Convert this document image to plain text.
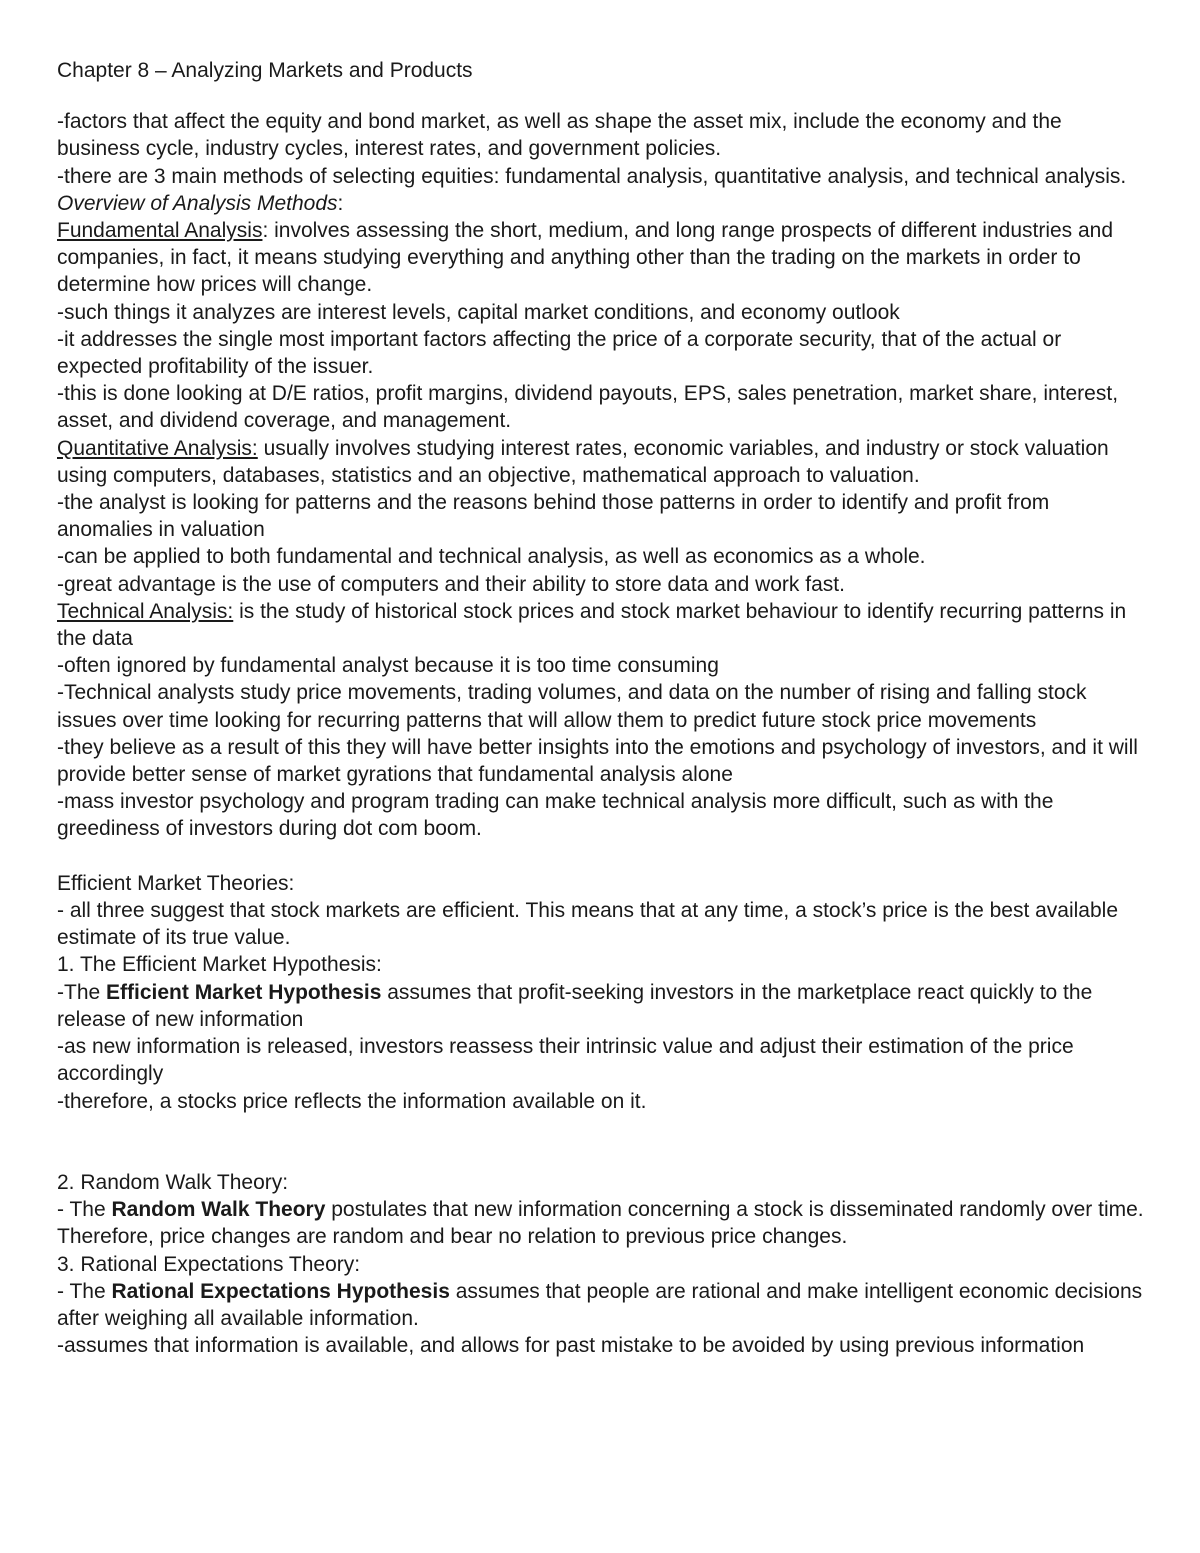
Chapter 8 – Analyzing Markets and Products

-factors that affect the equity and bond market, as well as shape the asset mix, include the economy and the business cycle, industry cycles, interest rates, and government policies.

-there are 3 main methods of selecting equities: fundamental analysis, quantitative analysis, and technical analysis.

Overview of Analysis Methods:

Fundamental Analysis: involves assessing the short, medium, and long range prospects of different industries and companies, in fact, it means studying everything and anything other than the trading on the markets in order to determine how prices will change.

-such things it analyzes are interest levels, capital market conditions, and economy outlook

-it addresses the single most important factors affecting the price of a corporate security, that of the actual or expected profitability of the issuer.

-this is done looking at D/E ratios, profit margins, dividend payouts, EPS, sales penetration, market share, interest, asset, and dividend coverage, and management.

Quantitative Analysis: usually involves studying interest rates, economic variables, and industry or stock valuation using computers, databases, statistics and an objective, mathematical approach to valuation.

-the analyst is looking for patterns and the reasons behind those patterns in order to identify and profit from anomalies in valuation

-can be applied to both fundamental and technical analysis, as well as economics as a whole.

-great advantage is the use of computers and their ability to store data and work fast.

Technical Analysis: is the study of historical stock prices and stock market behaviour to identify recurring patterns in the data

-often ignored by fundamental analyst because it is too time consuming

-Technical analysts study price movements, trading volumes, and data on the number of rising and falling stock issues over time looking for recurring patterns that will allow them to predict future stock price movements

-they believe as a result of this they will have better insights into the emotions and psychology of investors, and it will provide better sense of market gyrations that fundamental analysis alone

-mass investor psychology and program trading can make technical analysis more difficult, such as with the greediness of investors during dot com boom.

Efficient Market Theories:

- all three suggest that stock markets are efficient. This means that at any time, a stock’s price is the best available estimate of its true value.

1. The Efficient Market Hypothesis:

-The Efficient Market Hypothesis assumes that profit-seeking investors in the marketplace react quickly to the release of new information

-as new information is released, investors reassess their intrinsic value and adjust their estimation of the price accordingly

-therefore, a stocks price reflects the information available on it.

2. Random Walk Theory:

- The Random Walk Theory postulates that new information concerning a stock is disseminated randomly over time. Therefore, price changes are random and bear no relation to previous price changes.

3. Rational Expectations Theory:

- The Rational Expectations Hypothesis assumes that people are rational and make intelligent economic decisions after weighing all available information.

-assumes that information is available, and allows for past mistake to be avoided by using previous information
